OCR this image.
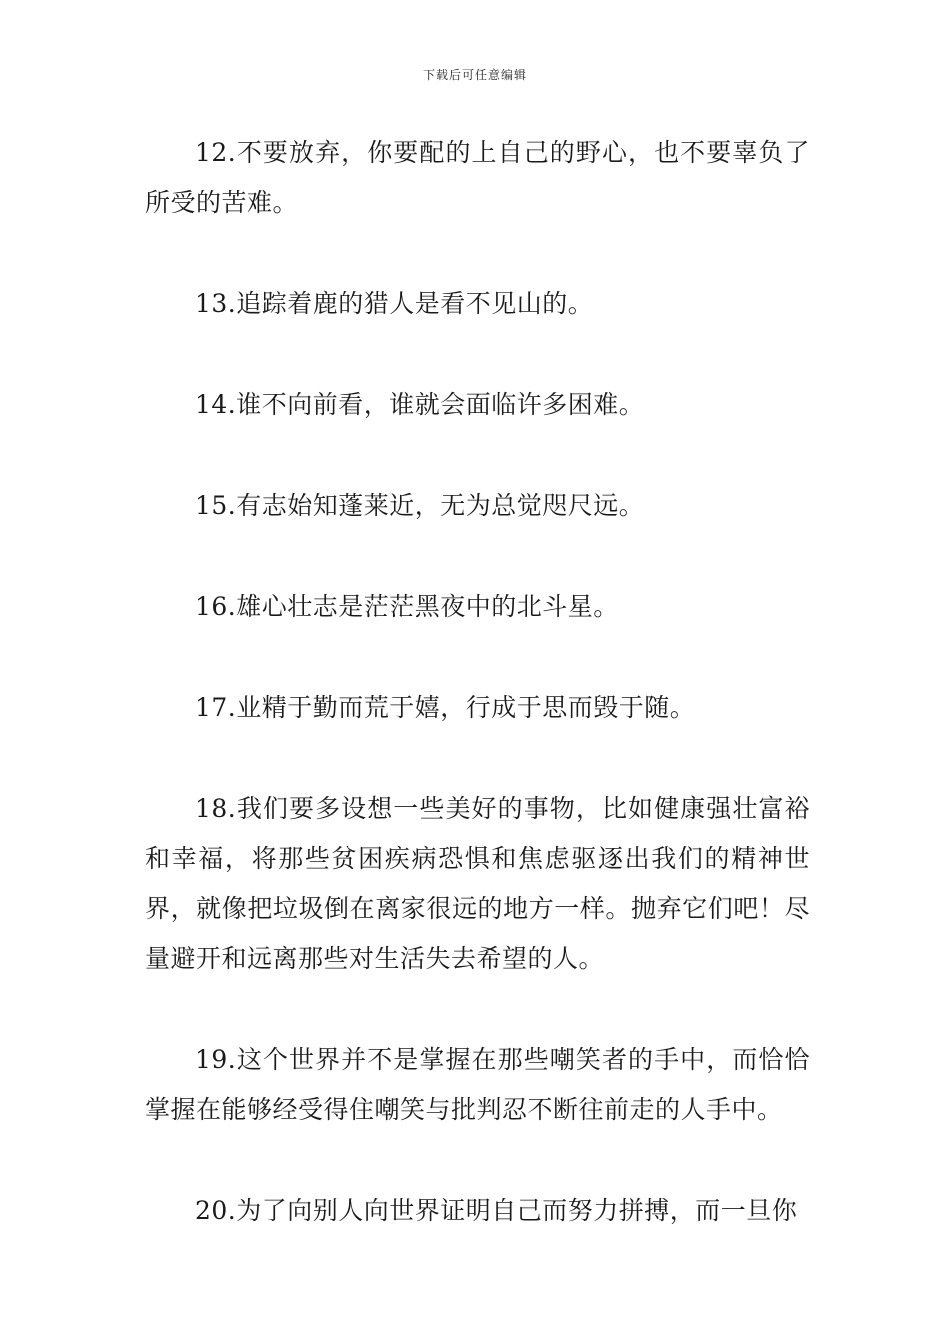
下载后可任意编辑

12.不要放弃，你要配的上自己的野心，也不要辜负了所受的苦难。

13.追踪着鹿的猎人是看不见山的。

14.谁不向前看，谁就会面临许多困难。

15.有志始知蓬莱近，无为总觉咫尺远。

16.雄心壮志是茫茫黑夜中的北斗星。

17.业精于勤而荒于嬉，行成于思而毁于随。

18.我们要多设想一些美好的事物，比如健康强壮富裕和幸福，将那些贫困疾病恐惧和焦虑驱逐出我们的精神世界，就像把垃圾倒在离家很远的地方一样。抛弃它们吧！尽量避开和远离那些对生活失去希望的人。

19.这个世界并不是掌握在那些嘲笑者的手中，而恰恰掌握在能够经受得住嘲笑与批判忍不断往前走的人手中。

20.为了向别人向世界证明自己而努力拼搏，而一旦你
